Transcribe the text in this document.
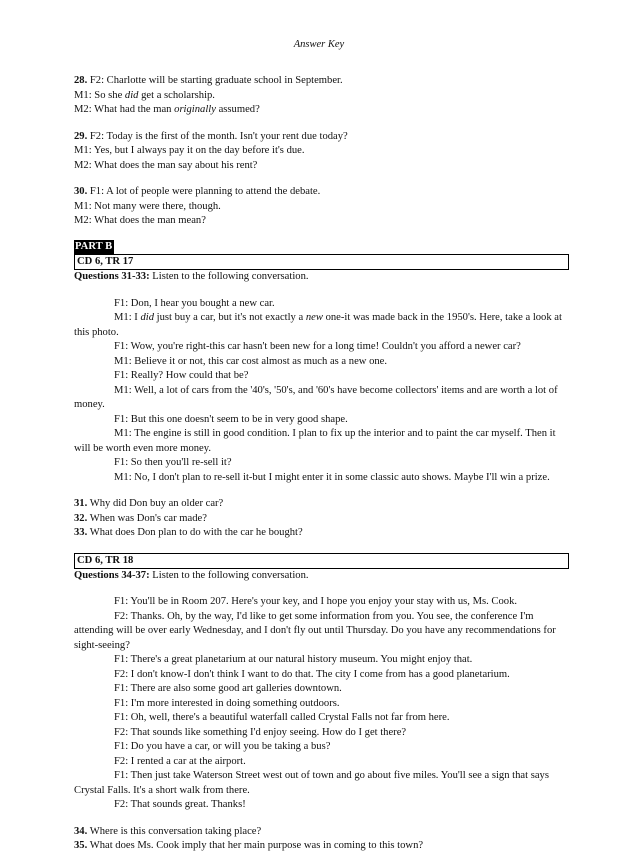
Answer Key

28. F2: Charlotte will be starting graduate school in September.

M1: So she did get a scholarship.

M2: What had the man originally assumed?

29. F2: Today is the first of the month. Isn't your rent due today?

M1: Yes, but I always pay it on the day before it's due.

M2: What does the man say about his rent?

30. F1: A lot of people were planning to attend the debate.

M1: Not many were there, though.

M2: What does the man mean?

PART B
CD 6, TR 17

Questions 31-33: Listen to the following conversation.

F1: Don, I hear you bought a new car.

M1: I did just buy a car, but it's not exactly a new one-it was made back in the 1950's. Here, take a look at

this photo.

F1: Wow, you're right-this car hasn't been new for a long time! Couldn't you afford a newer car?

M1: Believe it or not, this car cost almost as much as a new one.

F1: Really? How could that be?

M1: Well, a lot of cars from the '40's, '50's, and '60's have become collectors' items and are worth a lot of

money.

F1: But this one doesn't seem to be in very good shape.

M1: The engine is still in good condition. I plan to fix up the interior and to paint the car myself. Then it

will be worth even more money.

F1: So then you'll re-sell it?

M1: No, I don't plan to re-sell it-but I might enter it in some classic auto shows. Maybe I'll win a prize.

31. Why did Don buy an older car?

32. When was Don's car made?

33. What does Don plan to do with the car he bought?

CD 6, TR 18

Questions 34-37: Listen to the following conversation.

F1: You'll be in Room 207. Here's your key, and I hope you enjoy your stay with us, Ms. Cook.

F2: Thanks. Oh, by the way, I'd like to get some information from you. You see, the conference I'm

attending will be over early Wednesday, and I don't fly out until Thursday. Do you have any recommendations for

sight-seeing?

F1: There's a great planetarium at our natural history museum. You might enjoy that.

F2: I don't know-I don't think I want to do that. The city I come from has a good planetarium.

F1: There are also some good art galleries downtown.

F1: I'm more interested in doing something outdoors.

F1: Oh, well, there's a beautiful waterfall called Crystal Falls not far from here.

F2: That sounds like something I'd enjoy seeing. How do I get there?

F1: Do you have a car, or will you be taking a bus?

F2: I rented a car at the airport.

F1: Then just take Waterson Street west out of town and go about five miles. You'll see a sign that says

Crystal Falls. It's a short walk from there.

F2: That sounds great. Thanks!

34. Where is this conversation taking place?

35. What does Ms. Cook imply that her main purpose was in coming to this town?
